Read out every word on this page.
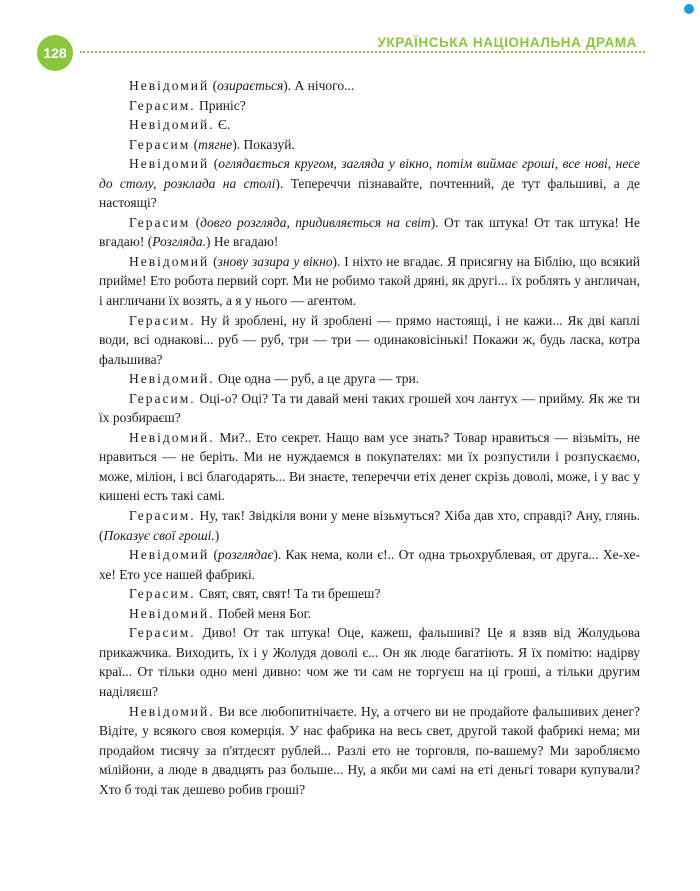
128
УКРАЇНСЬКА НАЦІОНАЛЬНА ДРАМА

Невідомий (озирається). А нічого...

Герасим. Приніс?

Невідомий. Є.

Герасим (тягне). Показуй.

Невідомий (оглядається кругом, загляда у вікно, потім виймає гроші, все нові, несе до столу, розклада на столі). Тепереччи пізнавайте, почтенний, де тут фальшиві, а де настоящі?

Герасим (довго розгляда, придивляється на світ). От так штука! От так штука! Не вгадаю! (Розгляда.) Не вгадаю!

Невідомий (знову зазира у вікно). І ніхто не вгадає. Я присягну на Біблію, що всякий прийме! Ето робота первий сорт. Ми не робимо такой дряні, як другі... їх роблять у англичан, і англичани їх возять, а я у нього — агентом.

Герасим. Ну й зроблені, ну й зроблені — прямо настоящі, і не кажи... Як дві каплі води, всі однакові... руб — руб, три — три — одинаковісінькі! Покажи ж, будь ласка, котра фальшива?

Невідомий. Оце одна — руб, а це друга — три.

Герасим. Оці-о? Оці? Та ти давай мені таких грошей хоч лантух — прийму. Як же ти їх розбираєш?

Невідомий. Ми?.. Ето секрет. Нащо вам усе знать? Товар нравиться — візьміть, не нравиться — не беріть. Ми не нуждаемся в покупателях: ми їх розпустили і розпускаємо, може, міліон, і всі благодарять... Ви знаєте, тепереччи етіх денег скрізь доволі, може, і у вас у кишені есть такі самі.

Герасим. Ну, так! Звідкіля вони у мене візьмуться? Хіба дав хто, справді? Ану, глянь. (Показує свої гроші.)

Невідомий (розглядає). Как нема, коли є!.. От одна трьохрублевая, от друга... Хе-хе-хе! Ето усе нашей фабрикі.

Герасим. Свят, свят, свят! Та ти брешеш?

Невідомий. Побей меня Бог.

Герасим. Диво! От так штука! Оце, кажеш, фальшиві? Це я взяв від Жолудьова прикажчика. Виходить, їх і у Жолудя доволі є... Он як люде багатіють. Я їх помітю: надірву краї... От тільки одно мені дивно: чом же ти сам не торгуєш на ці гроші, а тільки другим наділяєш?

Невідомий. Ви все любопитнічаєте. Ну, а отчего ви не продайоте фальшивих денег? Відіте, у всякого своя комерція. У нас фабрика на весь свет, другой такой фабрикі нема; ми продайом тисячу за п'ятдесят рублей... Разлі ето не торговля, по-вашему? Ми заробляємо мілійони, а люде в двадцять раз больше... Ну, а якби ми самі на еті деньгі товари купували? Хто б тоді так дешево робив гроші?
